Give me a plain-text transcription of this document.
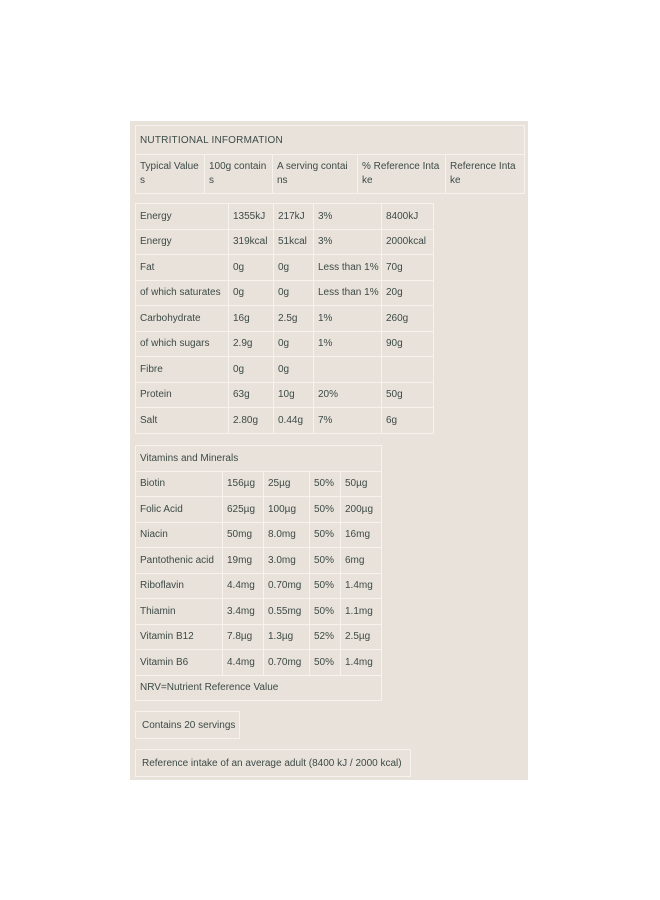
NUTRITIONAL INFORMATION
Typical Values	100g contains	A serving contains	% Reference Intake	Reference Intake
Energy	1355kJ	217kJ	3%	8400kJ
Energy	319kcal	51kcal	3%	2000kcal
Fat	0g	0g	Less than 1%	70g
of which saturates	0g	0g	Less than 1%	20g
Carbohydrate	16g	2.5g	1%	260g
of which sugars	2.9g	0g	1%	90g
Fibre	0g	0g		
Protein	63g	10g	20%	50g
Salt	2.80g	0.44g	7%	6g
Vitamins and Minerals				
Biotin	156µg	25µg	50%	50µg
Folic Acid	625µg	100µg	50%	200µg
Niacin	50mg	8.0mg	50%	16mg
Pantothenic acid	19mg	3.0mg	50%	6mg
Riboflavin	4.4mg	0.70mg	50%	1.4mg
Thiamin	3.4mg	0.55mg	50%	1.1mg
Vitamin B12	7.8µg	1.3µg	52%	2.5µg
Vitamin B6	4.4mg	0.70mg	50%	1.4mg
NRV=Nutrient Reference Value				
Contains 20 servings
Reference intake of an average adult (8400 kJ / 2000 kcal)
